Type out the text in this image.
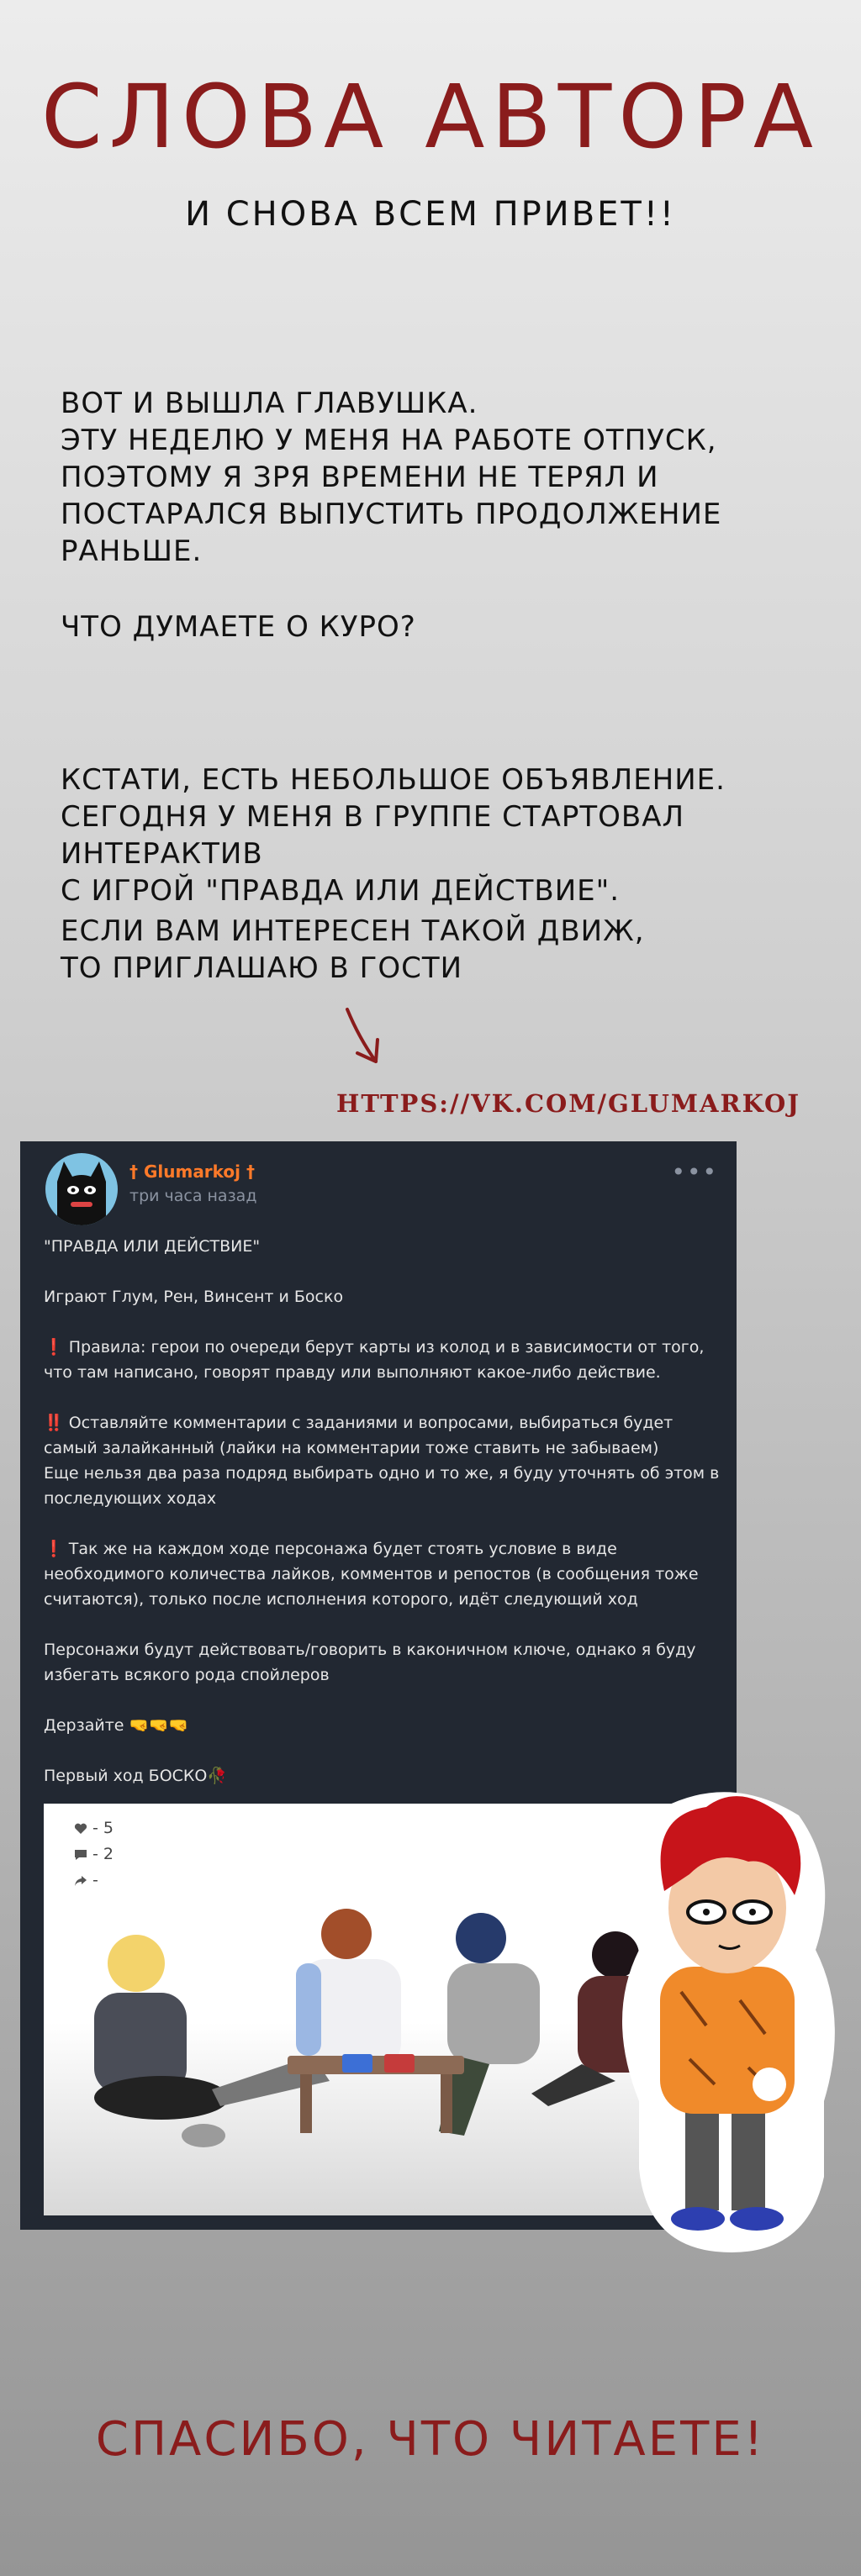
СЛОВА АВТОРА
И СНОВА ВСЕМ ПРИВЕТ!!
ВОТ И ВЫШЛА ГЛАВУШКА.
ЭТУ НЕДЕЛЮ У МЕНЯ НА РАБОТЕ ОТПУСК,
ПОЭТОМУ Я ЗРЯ ВРЕМЕНИ НЕ ТЕРЯЛ И
ПОСТАРАЛСЯ ВЫПУСТИТЬ ПРОДОЛЖЕНИЕ
РАНЬШЕ.
ЧТО ДУМАЕТЕ О КУРО?
КСТАТИ, ЕСТЬ НЕБОЛЬШОЕ ОБЪЯВЛЕНИЕ.
СЕГОДНЯ У МЕНЯ В ГРУППЕ СТАРТОВАЛ ИНТЕРАКТИВ
С ИГРОЙ "ПРАВДА ИЛИ ДЕЙСТВИЕ".
ЕСЛИ ВАМ ИНТЕРЕСЕН ТАКОЙ ДВИЖ,
ТО ПРИГЛАШАЮ В ГОСТИ
HTTPS://VK.COM/GLUMARKOJ
† Glumarkoj †
три часа назад
•••

"ПРАВДА ИЛИ ДЕЙСТВИЕ"

Играют Глум, Рен, Винсент и Боско

❗ Правила: герои по очереди берут карты из колод и в зависимости от того, что там написано, говорят правду или выполняют какое-либо действие.

‼️ Оставляйте комментарии с заданиями и вопросами, выбираться будет самый залайканный (лайки на комментарии тоже ставить не забываем)
Еще нельзя два раза подряд выбирать одно и то же, я буду уточнять об этом в последующих ходах

❗ Так же на каждом ходе персонажа будет стоять условие в виде необходимого количества лайков, комментов и репостов (в сообщения тоже считаются), только после исполнения которого, идёт следующий ход

Персонажи будут действовать/говорить в каконичном ключе, однако я буду избегать всякого рода спойлеров

Дерзайте 🤜🤜🤜

Первый ход БОСКО🥀

- 5
- 2
-
СПАСИБО, ЧТО ЧИТАЕТЕ!
